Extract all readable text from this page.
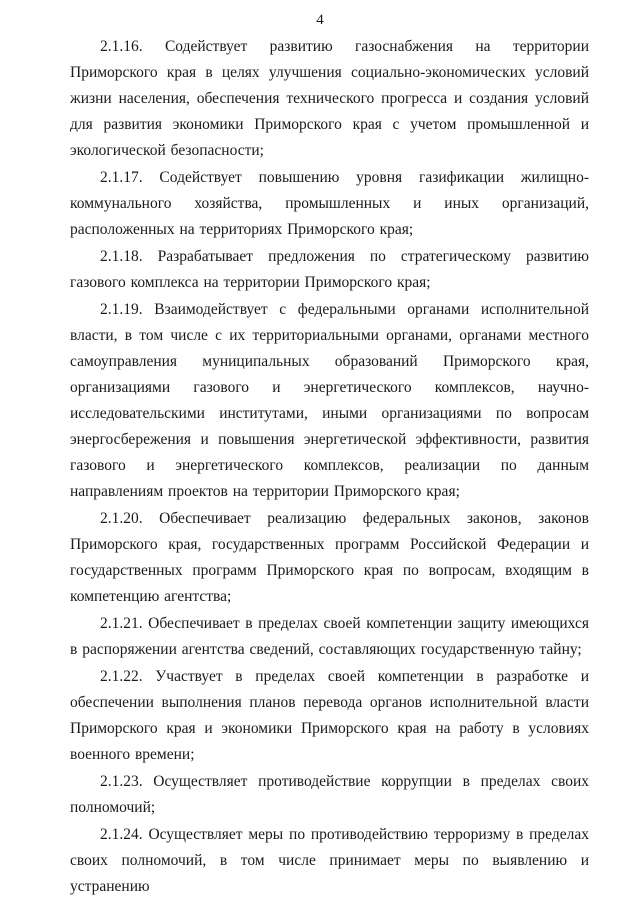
4

2.1.16. Содействует развитию газоснабжения на территории Приморского края в целях улучшения социально-экономических условий жизни населения, обеспечения технического прогресса и создания условий для развития экономики Приморского края с учетом промышленной и экологической безопасности;

2.1.17. Содействует повышению уровня газификации жилищно-коммунального хозяйства, промышленных и иных организаций, расположенных на территориях Приморского края;

2.1.18. Разрабатывает предложения по стратегическому развитию газового комплекса на территории Приморского края;

2.1.19. Взаимодействует с федеральными органами исполнительной власти, в том числе с их территориальными органами, органами местного самоуправления муниципальных образований Приморского края, организациями газового и энергетического комплексов, научно-исследовательскими институтами, иными организациями по вопросам энергосбережения и повышения энергетической эффективности, развития газового и энергетического комплексов, реализации по данным направлениям проектов на территории Приморского края;

2.1.20. Обеспечивает реализацию федеральных законов, законов Приморского края, государственных программ Российской Федерации и государственных программ Приморского края по вопросам, входящим в компетенцию агентства;

2.1.21. Обеспечивает в пределах своей компетенции защиту имеющихся в распоряжении агентства сведений, составляющих государственную тайну;

2.1.22. Участвует в пределах своей компетенции в разработке и обеспечении выполнения планов перевода органов исполнительной власти Приморского края и экономики Приморского края на работу в условиях военного времени;

2.1.23. Осуществляет противодействие коррупции в пределах своих полномочий;

2.1.24. Осуществляет меры по противодействию терроризму в пределах своих полномочий, в том числе принимает меры по выявлению и устранению
